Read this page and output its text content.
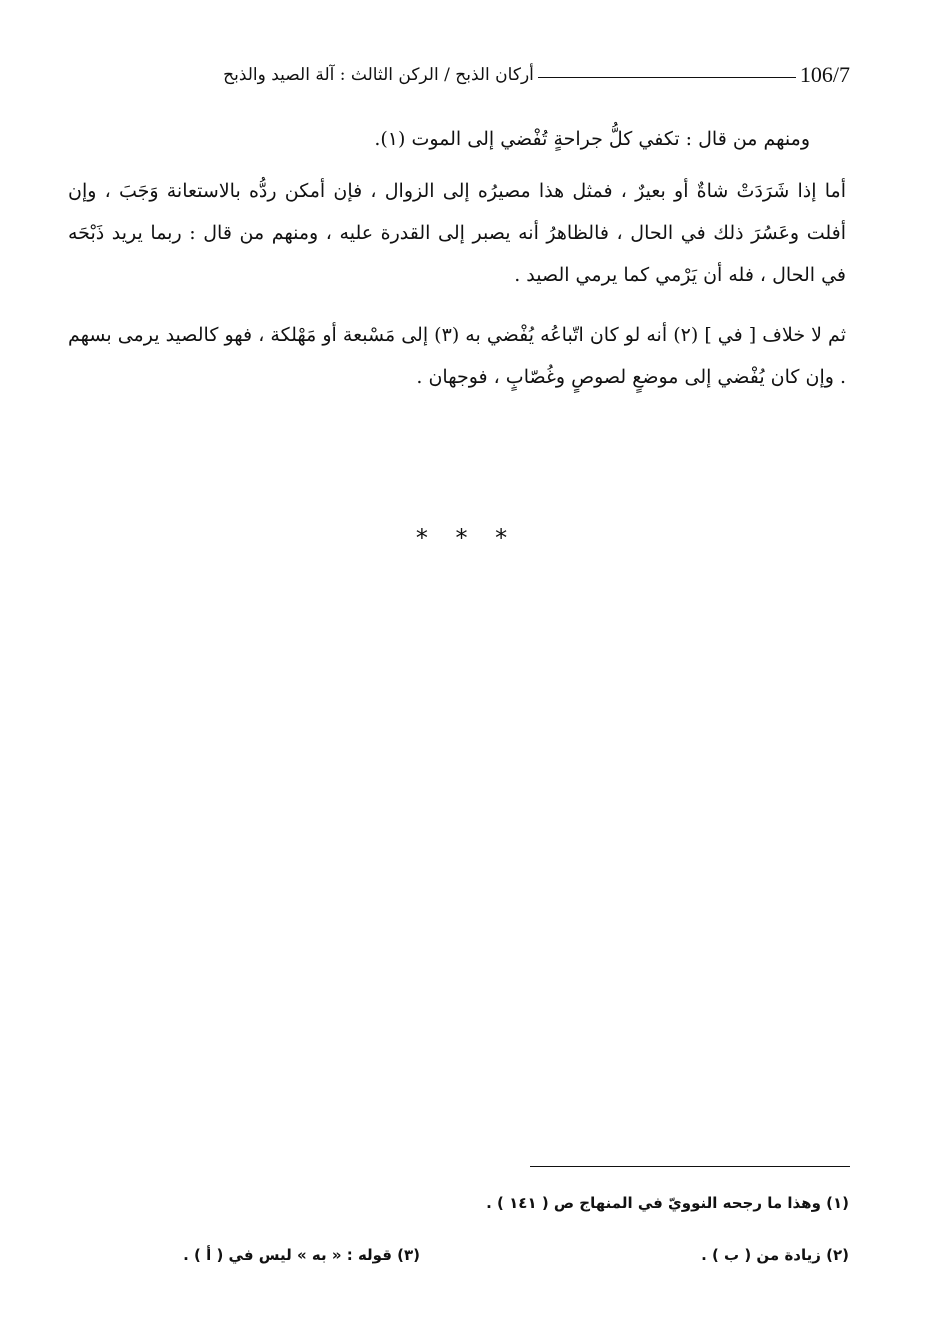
106/7
أركان الذبح / الركن الثالث : آلة الصيد والذبح

ومنهم من قال : تكفي كلُّ جراحةٍ تُفْضي إلى الموت (١).

أما إذا شَرَدَتْ شاةٌ أو بعيرٌ ، فمثل هذا مصيرُه إلى الزوال ، فإن أمكن ردُّه بالاستعانة وَجَبَ ، وإن أفلت وعَسُرَ ذلك في الحال ، فالظاهرُ أنه يصبر إلى القدرة عليه ، ومنهم من قال : ربما يريد ذَبْحَه في الحال ، فله أن يَرْمي كما يرمي الصيد .

ثم لا خلاف [ في ] (٢) أنه لو كان اتّباعُه يُفْضي به (٣) إلى مَسْبعة أو مَهْلكة ، فهو كالصيد يرمى بسهم . وإن كان يُفْضي إلى موضعٍ لصوصٍ وغُصّابٍ ، فوجهان .

* * *
(١) وهذا ما رجحه النوويّ في المنهاج ص ( ١٤١ ) .
(٢) زيادة من ( ب ) .
(٣) قوله : « به » ليس في ( أ ) .
